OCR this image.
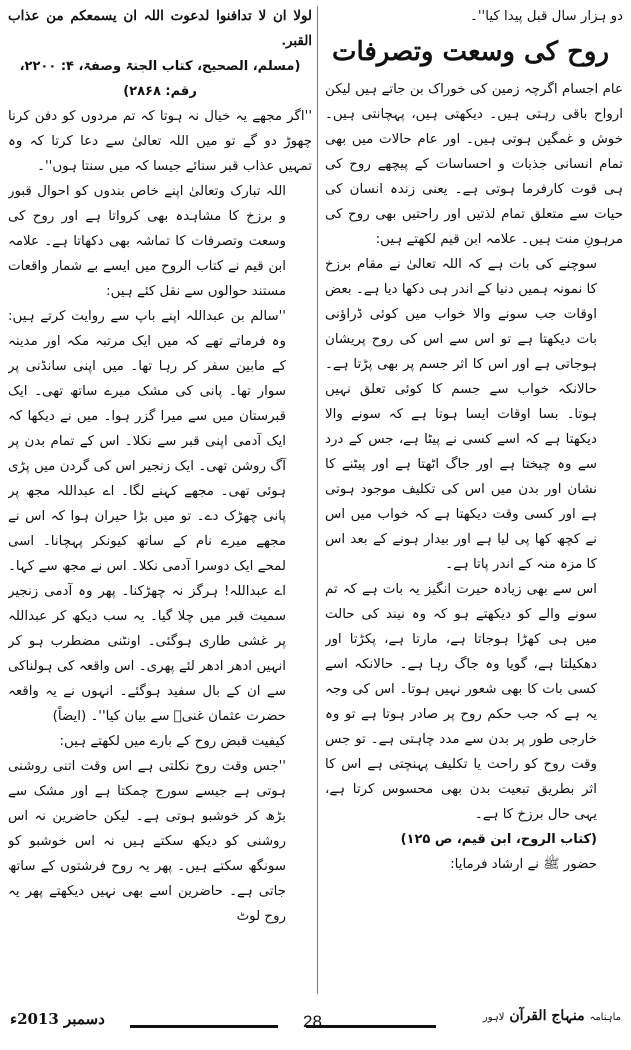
دو ہزار سال قبل پیدا کیا''۔

روح کی وسعت وتصرفات

عام اجسام اگرچہ زمین کی خوراک بن جاتے ہیں لیکن ارواح باقی رہتی ہیں۔ دیکھتی ہیں، پہچانتی ہیں۔ خوش و غمگین ہوتی ہیں۔ اور عام حالات میں بھی تمام انسانی جذبات و احساسات کے پیچھے روح کی ہی قوت کارفرما ہوتی ہے۔ یعنی زندہ انسان کی حیات سے متعلق تمام لذتیں اور راحتیں بھی روح کی مرہونِ منت ہیں۔ علامہ ابن قیم لکھتے ہیں:

سوچنے کی بات ہے کہ اللہ تعالیٰ نے مقام برزخ کا نمونہ ہمیں دنیا کے اندر ہی دکھا دیا ہے۔ بعض اوقات جب سونے والا خواب میں کوئی ڈراؤنی بات دیکھتا ہے تو اس سے اس کی روح پریشان ہوجاتی ہے اور اس کا اثر جسم پر بھی پڑتا ہے۔ حالانکہ خواب سے جسم کا کوئی تعلق نہیں ہوتا۔ بسا اوقات ایسا ہوتا ہے کہ سونے والا دیکھتا ہے کہ اسے کسی نے پیٹا ہے، جس کے درد سے وہ چیختا ہے اور جاگ اٹھتا ہے اور پیٹنے کا نشان اور بدن میں اس کی تکلیف موجود ہوتی ہے اور کسی وقت دیکھتا ہے کہ خواب میں اس نے کچھ کھا پی لیا ہے اور بیدار ہونے کے بعد اس کا مزہ منہ کے اندر پاتا ہے۔

اس سے بھی زیادہ حیرت انگیز یہ بات ہے کہ تم سونے والے کو دیکھتے ہو کہ وہ نیند کی حالت میں ہی کھڑا ہوجاتا ہے، مارتا ہے، پکڑتا اور دھکیلتا ہے، گویا وہ جاگ رہا ہے۔ حالانکہ اسے کسی بات کا بھی شعور نہیں ہوتا۔ اس کی وجہ یہ ہے کہ جب حکم روح پر صادر ہوتا ہے تو وہ خارجی طور پر بدن سے مدد چاہتی ہے۔ تو جس وقت روح کو راحت یا تکلیف پہنچتی ہے اس کا اثر بطریق تبعیت بدن بھی محسوس کرتا ہے، یہی حال برزخ کا ہے۔

(کتاب الروح، ابن قیم، ص ۱۲۵)

حضور ﷺ نے ارشاد فرمایا:

لولا ان لا تدافنوا لدعوت اللہ ان يسمعكم من عذاب القبر.

(مسلم، الصحیح، کتاب الجنۃ وصفۃ، ۴: ۲۲۰۰، رقم: ۲۸۶۸)

''اگر مجھے یہ خیال نہ ہوتا کہ تم مردوں کو دفن کرنا چھوڑ دو گے تو میں اللہ تعالیٰ سے دعا کرتا کہ وہ تمہیں عذاب قبر سنائے جیسا کہ میں سنتا ہوں''۔

اللہ تبارک وتعالیٰ اپنے خاص بندوں کو احوال قبور و برزخ کا مشاہدہ بھی کرواتا ہے اور روح کی وسعت وتصرفات کا تماشہ بھی دکھاتا ہے۔ علامہ ابن قیم نے کتاب الروح میں ایسے بے شمار واقعات مستند حوالوں سے نقل کئے ہیں:

''سالم بن عبداللہ اپنے باپ سے روایت کرتے ہیں: وہ فرماتے تھے کہ میں ایک مرتبہ مکہ اور مدینہ کے مابین سفر کر رہا تھا۔ میں اپنی سانڈنی پر سوار تھا۔ پانی کی مشک میرے ساتھ تھی۔ ایک قبرستان میں سے میرا گزر ہوا۔ میں نے دیکھا کہ ایک آدمی اپنی قبر سے نکلا۔ اس کے تمام بدن پر آگ روشن تھی۔ ایک زنجیر اس کی گردن میں پڑی ہوئی تھی۔ مجھے کہنے لگا۔ اے عبداللہ مجھ پر پانی چھڑک دے۔ تو میں بڑا حیران ہوا کہ اس نے مجھے میرے نام کے ساتھ کیونکر پہچانا۔ اسی لمحے ایک دوسرا آدمی نکلا۔ اس نے مجھ سے کہا۔ اے عبداللہ! ہرگز نہ چھڑکنا۔ پھر وہ آدمی زنجیر سمیت قبر میں چلا گیا۔ یہ سب دیکھ کر عبداللہ پر غشی طاری ہوگئی۔ اونٹنی مضطرب ہو کر انہیں ادھر ادھر لئے پھری۔ اس واقعہ کی ہولناکی سے ان کے بال سفید ہوگئے۔ انہوں نے یہ واقعہ حضرت عثمان غنیؓ سے بیان کیا''۔ (ایضاً)

کیفیت قبض روح کے بارے میں لکھتے ہیں:

''جس وقت روح نکلتی ہے اس وقت اتنی روشنی ہوتی ہے جیسے سورج چمکتا ہے اور مشک سے بڑھ کر خوشبو ہوتی ہے۔ لیکن حاضرین نہ اس روشنی کو دیکھ سکتے ہیں نہ اس خوشبو کو سونگھ سکتے ہیں۔ پھر یہ روح فرشتوں کے ساتھ جاتی ہے۔ حاضرین اسے بھی نہیں دیکھتے پھر یہ روح لوٹ

ماہنامہ منہاج القرآن لاہور
28
دسمبر 2013ء
